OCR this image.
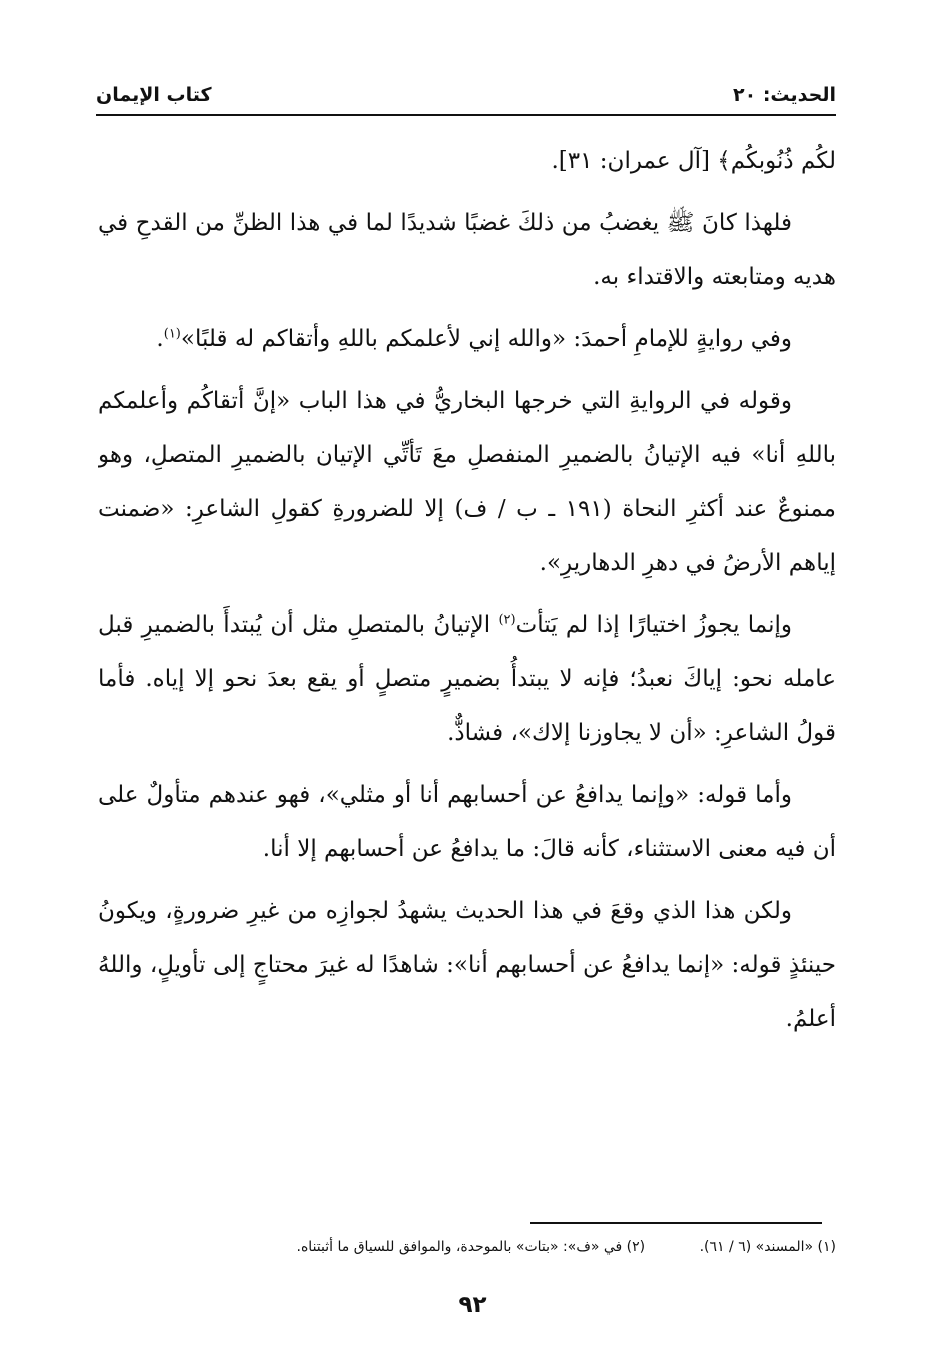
الحديث: ٢٠
كتاب الإيمان

لكُم ذُنُوبكُم﴾ [آل عمران: ٣١].

فلهذا كانَ ﷺ يغضبُ من ذلكَ غضبًا شديدًا لما في هذا الظنِّ من القدحِ في هديه ومتابعته والاقتداء به.

وفي روايةٍ للإمامِ أحمدَ: «والله إني لأعلمكم باللهِ وأتقاكم له قلبًا»$^{(١)}$.

وقوله في الروايةِ التي خرجها البخاريُّ في هذا الباب «إنَّ أتقاكُم وأعلمكم باللهِ أنا» فيه الإتيانُ بالضميرِ المنفصلِ معَ تَأتِّي الإتيان بالضميرِ المتصلِ، وهو ممنوعٌ عند أكثرِ النحاة (١٩١ ـ ب / ف) إلا للضرورةِ كقولِ الشاعرِ: «ضمنت إياهم الأرضُ في دهرِ الدهاريرِ».

وإنما يجوزُ اختيارًا إذا لم يَتأت$^{(٢)}$ الإتيانُ بالمتصلِ مثل أن يُبتدأَ بالضميرِ قبل عامله نحو: إياكَ نعبدُ؛ فإنه لا يبتدأُ بضميرٍ متصلٍ أو يقع بعدَ نحو إلا إياه. فأما قولُ الشاعرِ: «أن لا يجاوزنا إلاك»، فشاذٌّ.

وأما قوله: «وإنما يدافعُ عن أحسابهم أنا أو مثلي»، فهو عندهم متأولٌ على أن فيه معنى الاستثناء، كأنه قالَ: ما يدافعُ عن أحسابهم إلا أنا.

ولكن هذا الذي وقعَ في هذا الحديث يشهدُ لجوازِه من غيرِ ضرورةٍ، ويكونُ حينئذٍ قوله: «إنما يدافعُ عن أحسابهم أنا»: شاهدًا له غيرَ محتاجٍ إلى تأويلٍ، واللهُ أعلمُ.

(١) «المسند» (٦ / ٦١). (٢) في «ف»: «بتات» بالموحدة، والموافق للسياق ما أثبتناه.
٩٢
